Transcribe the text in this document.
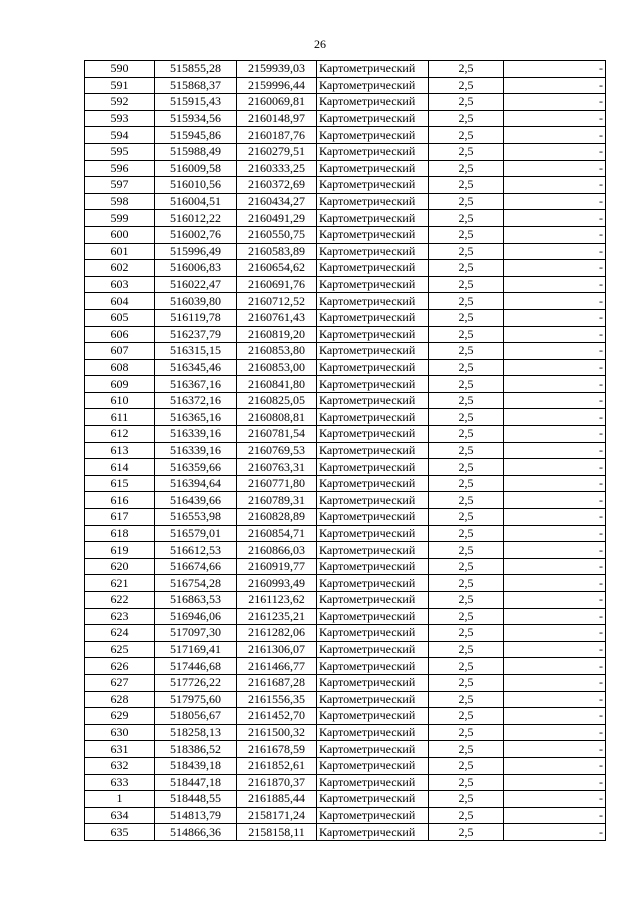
26
590	515855,28	2159939,03	Картометрический	2,5	-
591	515868,37	2159996,44	Картометрический	2,5	-
592	515915,43	2160069,81	Картометрический	2,5	-
593	515934,56	2160148,97	Картометрический	2,5	-
594	515945,86	2160187,76	Картометрический	2,5	-
595	515988,49	2160279,51	Картометрический	2,5	-
596	516009,58	2160333,25	Картометрический	2,5	-
597	516010,56	2160372,69	Картометрический	2,5	-
598	516004,51	2160434,27	Картометрический	2,5	-
599	516012,22	2160491,29	Картометрический	2,5	-
600	516002,76	2160550,75	Картометрический	2,5	-
601	515996,49	2160583,89	Картометрический	2,5	-
602	516006,83	2160654,62	Картометрический	2,5	-
603	516022,47	2160691,76	Картометрический	2,5	-
604	516039,80	2160712,52	Картометрический	2,5	-
605	516119,78	2160761,43	Картометрический	2,5	-
606	516237,79	2160819,20	Картометрический	2,5	-
607	516315,15	2160853,80	Картометрический	2,5	-
608	516345,46	2160853,00	Картометрический	2,5	-
609	516367,16	2160841,80	Картометрический	2,5	-
610	516372,16	2160825,05	Картометрический	2,5	-
611	516365,16	2160808,81	Картометрический	2,5	-
612	516339,16	2160781,54	Картометрический	2,5	-
613	516339,16	2160769,53	Картометрический	2,5	-
614	516359,66	2160763,31	Картометрический	2,5	-
615	516394,64	2160771,80	Картометрический	2,5	-
616	516439,66	2160789,31	Картометрический	2,5	-
617	516553,98	2160828,89	Картометрический	2,5	-
618	516579,01	2160854,71	Картометрический	2,5	-
619	516612,53	2160866,03	Картометрический	2,5	-
620	516674,66	2160919,77	Картометрический	2,5	-
621	516754,28	2160993,49	Картометрический	2,5	-
622	516863,53	2161123,62	Картометрический	2,5	-
623	516946,06	2161235,21	Картометрический	2,5	-
624	517097,30	2161282,06	Картометрический	2,5	-
625	517169,41	2161306,07	Картометрический	2,5	-
626	517446,68	2161466,77	Картометрический	2,5	-
627	517726,22	2161687,28	Картометрический	2,5	-
628	517975,60	2161556,35	Картометрический	2,5	-
629	518056,67	2161452,70	Картометрический	2,5	-
630	518258,13	2161500,32	Картометрический	2,5	-
631	518386,52	2161678,59	Картометрический	2,5	-
632	518439,18	2161852,61	Картометрический	2,5	-
633	518447,18	2161870,37	Картометрический	2,5	-
1	518448,55	2161885,44	Картометрический	2,5	-
634	514813,79	2158171,24	Картометрический	2,5	-
635	514866,36	2158158,11	Картометрический	2,5	-
